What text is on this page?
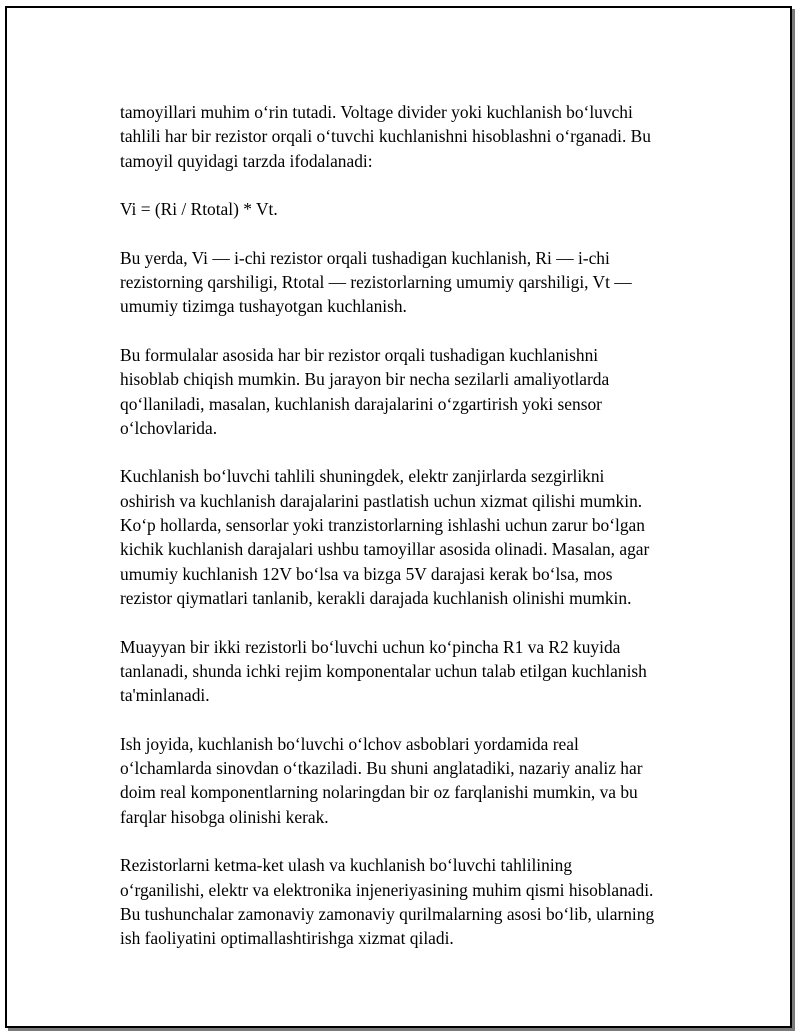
tamoyillari muhim oʻrin tutadi. Voltage divider yoki kuchlanish boʻluvchi
tahlili har bir rezistor orqali oʻtuvchi kuchlanishni hisoblashni oʻrganadi. Bu
tamoyil quyidagi tarzda ifodalanadi:

Vi = (Ri / Rtotal) * Vt.

Bu yerda, Vi — i-chi rezistor orqali tushadigan kuchlanish, Ri — i-chi
rezistorning qarshiligi, Rtotal — rezistorlarning umumiy qarshiligi, Vt —
umumiy tizimga tushayotgan kuchlanish.

Bu formulalar asosida har bir rezistor orqali tushadigan kuchlanishni
hisoblab chiqish mumkin. Bu jarayon bir necha sezilarli amaliyotlarda
qoʻllaniladi, masalan, kuchlanish darajalarini oʻzgartirish yoki sensor
oʻlchovlarida.

Kuchlanish boʻluvchi tahlili shuningdek, elektr zanjirlarda sezgirlikni
oshirish va kuchlanish darajalarini pastlatish uchun xizmat qilishi mumkin.
Koʻp hollarda, sensorlar yoki tranzistorlarning ishlashi uchun zarur boʻlgan
kichik kuchlanish darajalari ushbu tamoyillar asosida olinadi. Masalan, agar
umumiy kuchlanish 12V boʻlsa va bizga 5V darajasi kerak boʻlsa, mos
rezistor qiymatlari tanlanib, kerakli darajada kuchlanish olinishi mumkin.

Muayyan bir ikki rezistorli boʻluvchi uchun koʻpincha R1 va R2 kuyida
tanlanadi, shunda ichki rejim komponentalar uchun talab etilgan kuchlanish
ta'minlanadi.

Ish joyida, kuchlanish boʻluvchi oʻlchov asboblari yordamida real
oʻlchamlarda sinovdan oʻtkaziladi. Bu shuni anglatadiki, nazariy analiz har
doim real komponentlarning nolaringdan bir oz farqlanishi mumkin, va bu
farqlar hisobga olinishi kerak.

Rezistorlarni ketma-ket ulash va kuchlanish boʻluvchi tahlilining
oʻrganilishi, elektr va elektronika injeneriyasining muhim qismi hisoblanadi.
Bu tushunchalar zamonaviy zamonaviy qurilmalarning asosi boʻlib, ularning
ish faoliyatini optimallashtirishga xizmat qiladi.
